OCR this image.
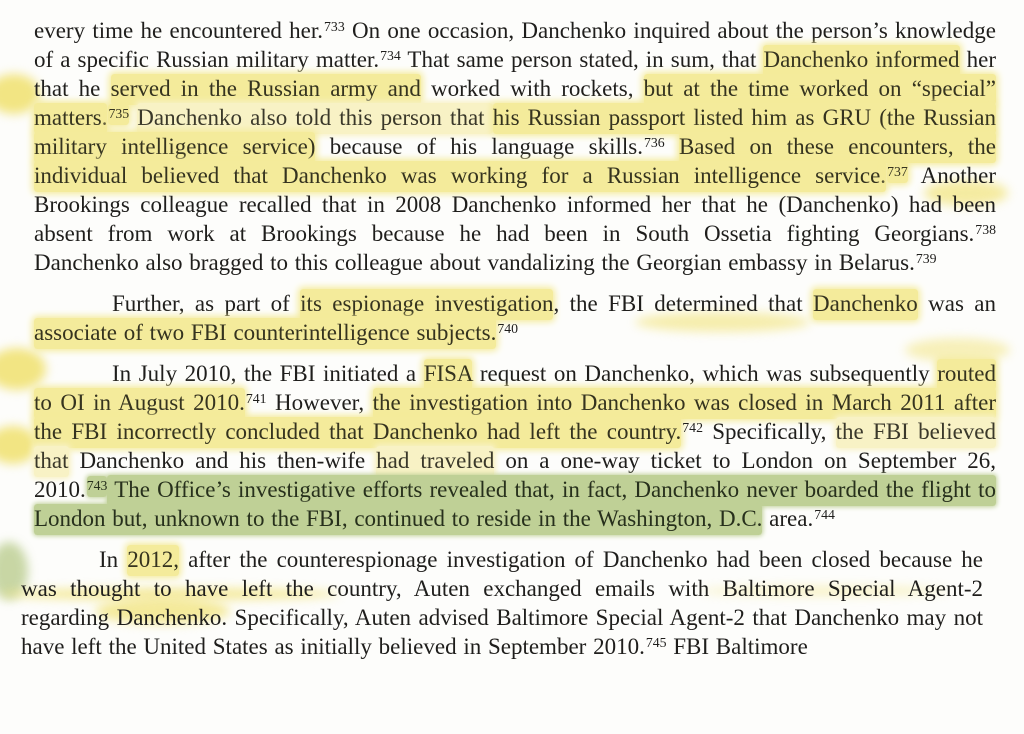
every time he encountered her.$^{733}$ On one occasion, Danchenko inquired about the person’s knowledge of a specific Russian military matter.$^{734}$ That same person stated, in sum, that Danchenko informed her that he served in the Russian army and worked with rockets, but at the time worked on “special” matters.$^{735}$ Danchenko also told this person that his Russian passport listed him as GRU (the Russian military intelligence service) because of his language skills.$^{736}$ Based on these encounters, the individual believed that Danchenko was working for a Russian intelligence service.$^{737}$ Another Brookings colleague recalled that in 2008 Danchenko informed her that he (Danchenko) had been absent from work at Brookings because he had been in South Ossetia fighting Georgians.$^{738}$ Danchenko also bragged to this colleague about vandalizing the Georgian embassy in Belarus.$^{739}$

Further, as part of its espionage investigation, the FBI determined that Danchenko was an associate of two FBI counterintelligence subjects.$^{740}$

In July 2010, the FBI initiated a FISA request on Danchenko, which was subsequently routed to OI in August 2010.$^{741}$ However, the investigation into Danchenko was closed in March 2011 after the FBI incorrectly concluded that Danchenko had left the country.$^{742}$ Specifically, the FBI believed that Danchenko and his then-wife had traveled on a one-way ticket to London on September 26, 2010.$^{743}$ The Office’s investigative efforts revealed that, in fact, Danchenko never boarded the flight to London but, unknown to the FBI, continued to reside in the Washington, D.C. area.$^{744}$

In 2012, after the counterespionage investigation of Danchenko had been closed because he was thought to have left the country, Auten exchanged emails with Baltimore Special Agent-2 regarding Danchenko. Specifically, Auten advised Baltimore Special Agent-2 that Danchenko may not have left the United States as initially believed in September 2010.$^{745}$ FBI Baltimore
